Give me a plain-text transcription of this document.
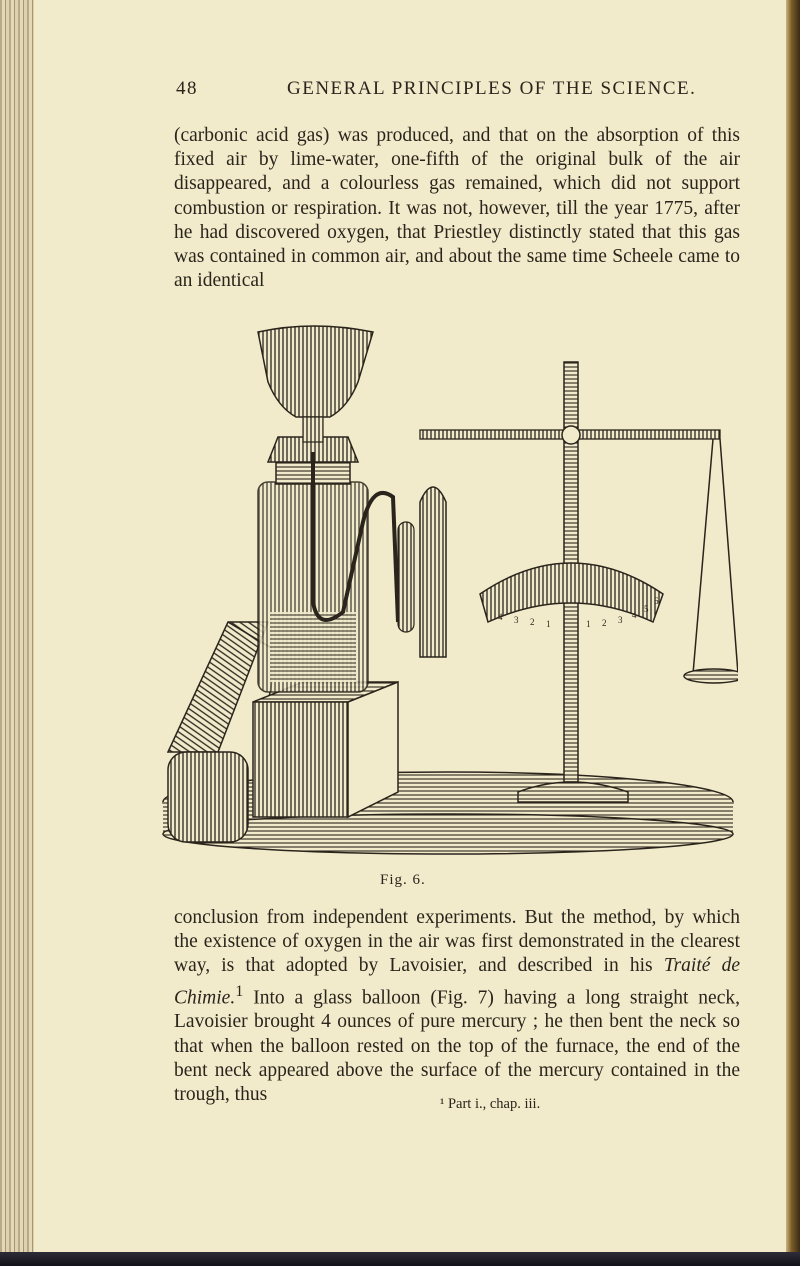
48	GENERAL PRINCIPLES OF THE SCIENCE.

(carbonic acid gas) was produced, and that on the absorption of this fixed air by lime-water, one-fifth of the original bulk of the air disappeared, and a colourless gas remained, which did not support combustion or respiration. It was not, however, till the year 1775, after he had discovered oxygen, that Priestley distinctly stated that this gas was contained in common air, and about the same time Scheele came to an identical

4 3 2 1	1 2 3 4
5
6
Fig. 6.

conclusion from independent experiments. But the method, by which the existence of oxygen in the air was first demonstrated in the clearest way, is that adopted by Lavoisier, and described in his Traité de Chimie.$^1$ Into a glass balloon (Fig. 7) having a long straight neck, Lavoisier brought 4 ounces of pure mercury ; he then bent the neck so that when the balloon rested on the top of the furnace, the end of the bent neck appeared above the surface of the mercury contained in the trough, thus	¹ Part i., chap. iii.
